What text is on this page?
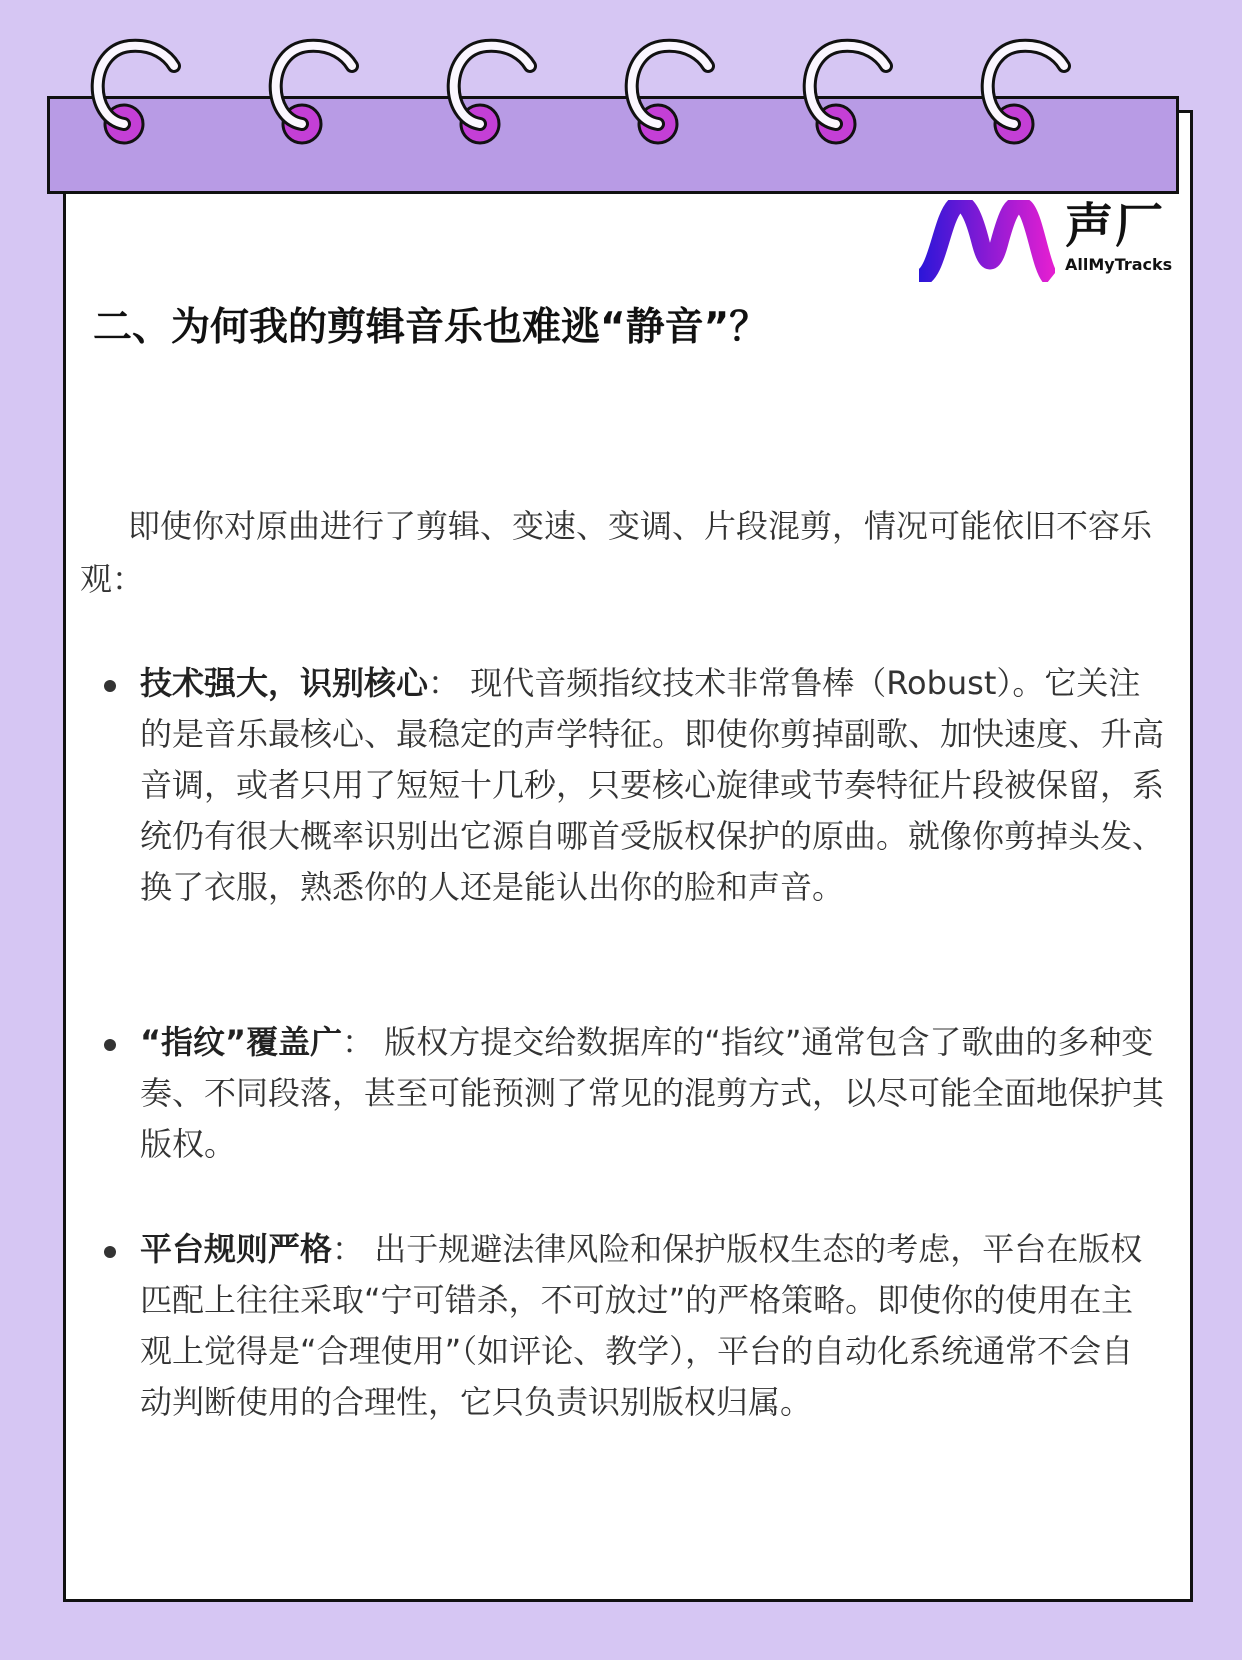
声厂
AllMyTracks
二、为何我的剪辑音乐也难逃“静音”？

即使你对原曲进行了剪辑、变速、变调、片段混剪，情况可能依旧不容乐观：

技术强大，识别核心： 现代音频指纹技术非常鲁棒（Robust）。它关注的是音乐最核心、最稳定的声学特征。即使你剪掉副歌、加快速度、升高音调，或者只用了短短十几秒，只要核心旋律或节奏特征片段被保留，系统仍有很大概率识别出它源自哪首受版权保护的原曲。就像你剪掉头发、换了衣服，熟悉你的人还是能认出你的脸和声音。

“指纹”覆盖广： 版权方提交给数据库的“指纹”通常包含了歌曲的多种变奏、不同段落，甚至可能预测了常见的混剪方式，以尽可能全面地保护其版权。

平台规则严格： 出于规避法律风险和保护版权生态的考虑，平台在版权匹配上往往采取“宁可错杀，不可放过”的严格策略。即使你的使用在主观上觉得是“合理使用”（如评论、教学），平台的自动化系统通常不会自动判断使用的合理性，它只负责识别版权归属。
